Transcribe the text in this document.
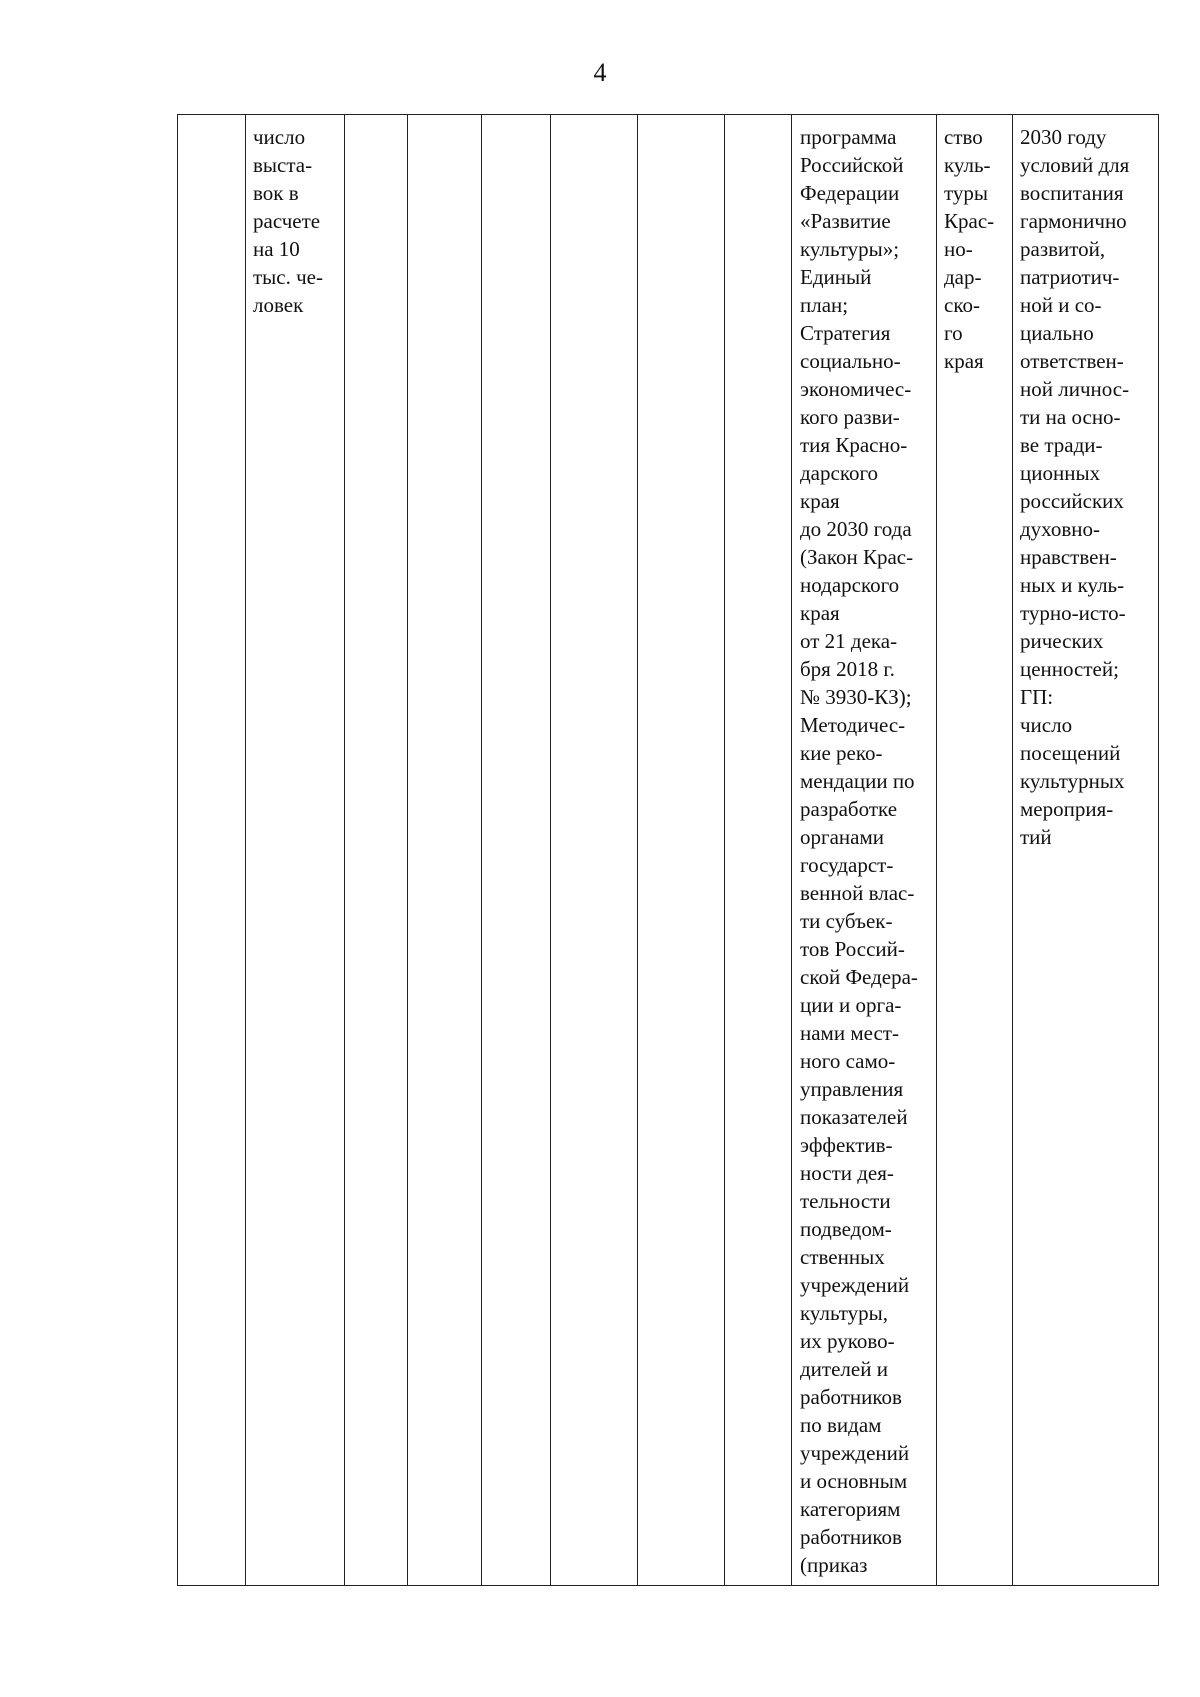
4
	число
выста-
вок в
расчете
на 10
тыс. че-
ловек							программа
Российской
Федерации
«Развитие
культуры»;
Единый
план;
Стратегия
социально-
экономичес-
кого разви-
тия Красно-
дарского
края
до 2030 года
(Закон Крас-
нодарского
края
от 21 дека-
бря 2018 г.
№ 3930-КЗ);
Методичес-
кие реко-
мендации по
разработке
органами
государст-
венной влас-
ти субъек-
тов Россий-
ской Федера-
ции и орга-
нами мест-
ного само-
управления
показателей
эффектив-
ности дея-
тельности
подведом-
ственных
учреждений
культуры,
их руково-
дителей и
работников
по видам
учреждений
и основным
категориям
работников
(приказ	ство
куль-
туры
Крас-
но-
дар-
ско-
го
края	2030 году
условий для
воспитания
гармонично
развитой,
патриотич-
ной и со-
циально
ответствен-
ной личнос-
ти на осно-
ве тради-
ционных
российских
духовно-
нравствен-
ных и куль-
турно-исто-
рических
ценностей;
ГП:
число
посещений
культурных
мероприя-
тий
